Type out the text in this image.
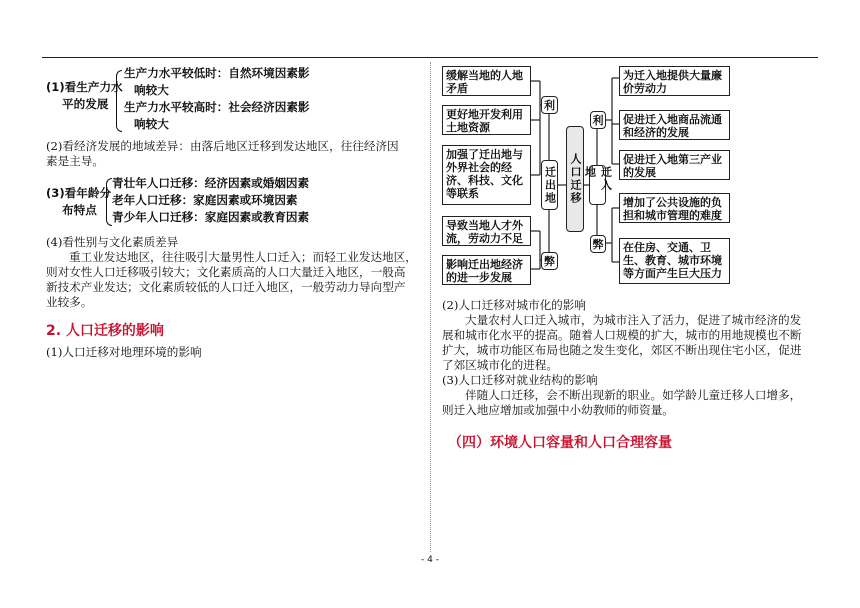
(1)看生产力水
平的发展
生产力水平较低时：自然环境因素影
响较大
生产力水平较高时：社会经济因素影
响较大
(2)看经济发展的地域差异：由落后地区迁移到发达地区，往往经济因
素是主导。
(3)看年龄分
布特点
青壮年人口迁移：经济因素或婚姻因素
老年人口迁移：家庭因素或环境因素
青少年人口迁移：家庭因素或教育因素
(4)看性别与文化素质差异
重工业发达地区，往往吸引大量男性人口迁入；而轻工业发达地区，
则对女性人口迁移吸引较大；文化素质高的人口大量迁入地区，一般高
新技术产业发达；文化素质较低的人口迁入地区，一般劳动力导向型产
业较多。
2. 人口迁移的影响
(1)人口迁移对地理环境的影响
缓解当地的人地矛盾
更好地开发利用土地资源
加强了迁出地与外界社会的经济、科技、文化等联系
导致当地人才外流，劳动力不足
影响迁出地经济的进一步发展
利
迁出地
弊
人口迁移
利
迁入地
弊
为迁入地提供大量廉价劳动力
促进迁入地商品流通和经济的发展
促进迁入地第三产业的发展
增加了公共设施的负担和城市管理的难度
在住房、交通、卫生、教育、城市环境等方面产生巨大压力
(2)人口迁移对城市化的影响
大量农村人口迁入城市，为城市注入了活力，促进了城市经济的发
展和城市化水平的提高。随着人口规模的扩大，城市的用地规模也不断
扩大，城市功能区布局也随之发生变化，郊区不断出现住宅小区，促进
了郊区城市化的进程。
(3)人口迁移对就业结构的影响
伴随人口迁移，会不断出现新的职业。如学龄儿童迁移人口增多，
则迁入地应增加或加强中小幼教师的师资量。
（四）环境人口容量和人口合理容量
- 4 -
